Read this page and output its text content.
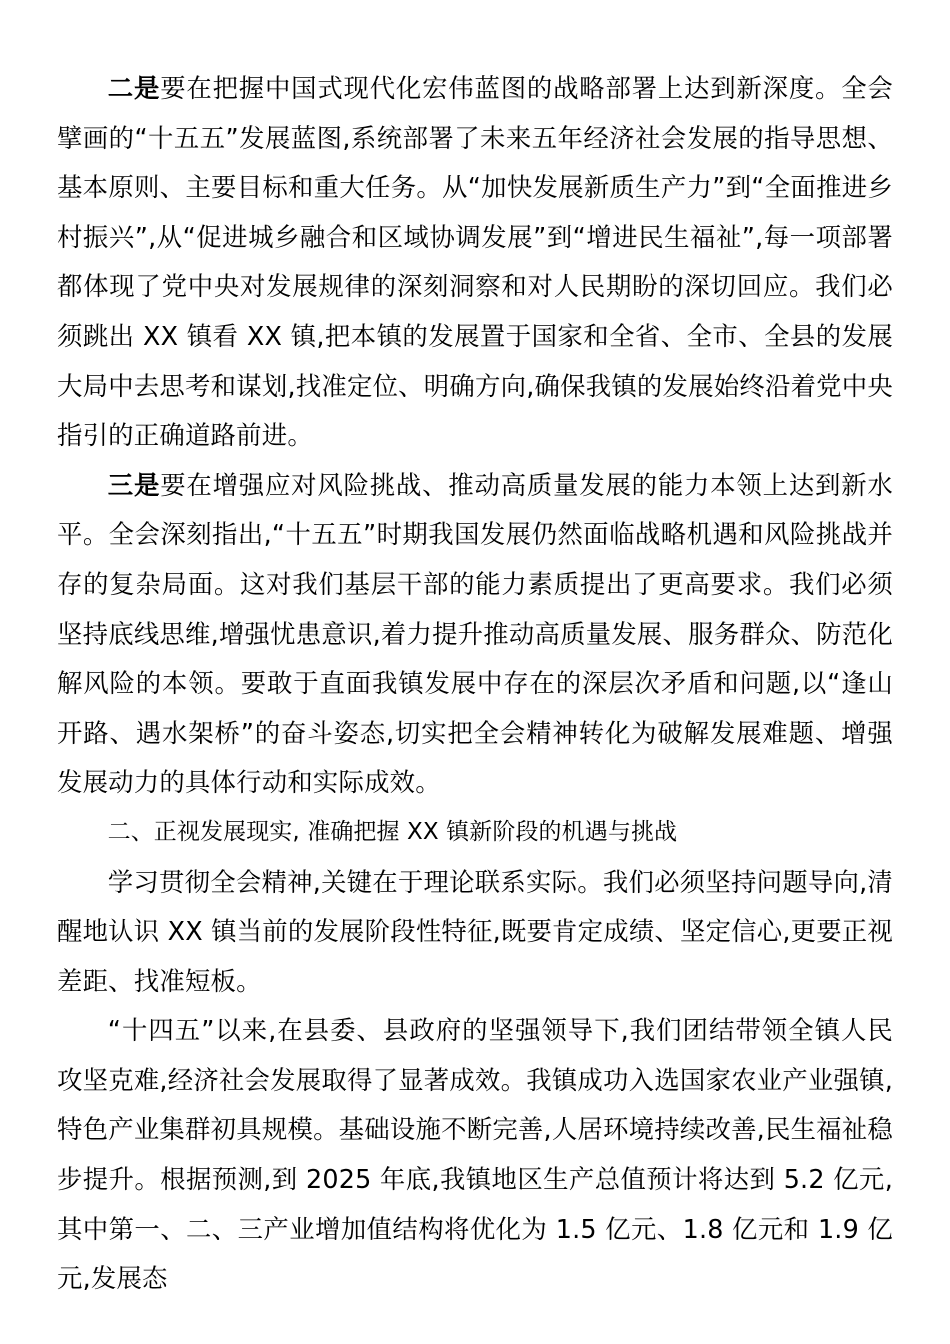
二是要在把握中国式现代化宏伟蓝图的战略部署上达到新深度。全会擘画的“十五五”发展蓝图,系统部署了未来五年经济社会发展的指导思想、基本原则、主要目标和重大任务。从“加快发展新质生产力”到“全面推进乡村振兴”,从“促进城乡融合和区域协调发展”到“增进民生福祉”,每一项部署都体现了党中央对发展规律的深刻洞察和对人民期盼的深切回应。我们必须跳出 XX 镇看 XX 镇,把本镇的发展置于国家和全省、全市、全县的发展大局中去思考和谋划,找准定位、明确方向,确保我镇的发展始终沿着党中央指引的正确道路前进。

三是要在增强应对风险挑战、推动高质量发展的能力本领上达到新水平。全会深刻指出,“十五五”时期我国发展仍然面临战略机遇和风险挑战并存的复杂局面。这对我们基层干部的能力素质提出了更高要求。我们必须坚持底线思维,增强忧患意识,着力提升推动高质量发展、服务群众、防范化解风险的本领。要敢于直面我镇发展中存在的深层次矛盾和问题,以“逢山开路、遇水架桥”的奋斗姿态,切实把全会精神转化为破解发展难题、增强发展动力的具体行动和实际成效。

二、正视发展现实, 准确把握 XX 镇新阶段的机遇与挑战

学习贯彻全会精神,关键在于理论联系实际。我们必须坚持问题导向,清醒地认识 XX 镇当前的发展阶段性特征,既要肯定成绩、坚定信心,更要正视差距、找准短板。

“十四五”以来,在县委、县政府的坚强领导下,我们团结带领全镇人民攻坚克难,经济社会发展取得了显著成效。我镇成功入选国家农业产业强镇,特色产业集群初具规模。基础设施不断完善,人居环境持续改善,民生福祉稳步提升。根据预测,到 2025 年底,我镇地区生产总值预计将达到 5.2 亿元,其中第一、二、三产业增加值结构将优化为 1.5 亿元、1.8 亿元和 1.9 亿元,发展态
